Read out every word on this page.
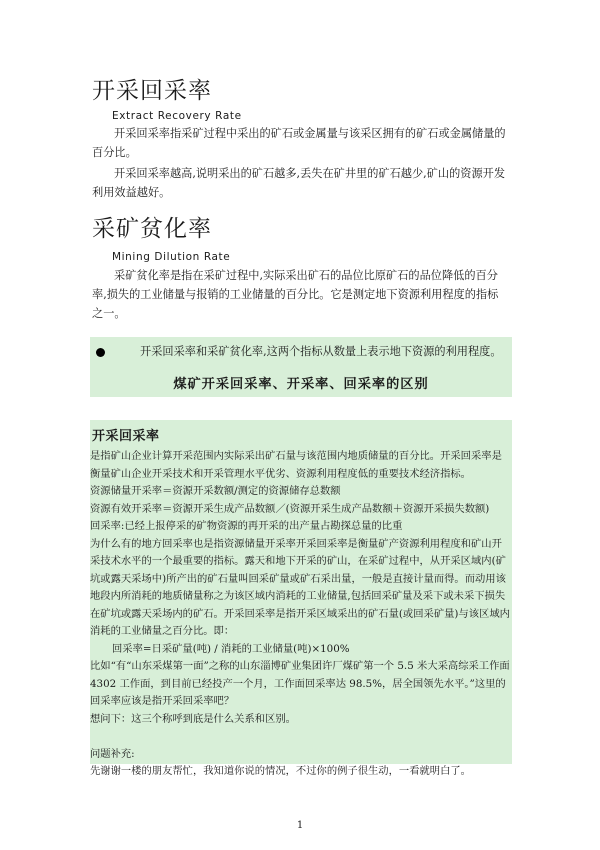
开采回采率
Extract Recovery Rate

开采回采率指采矿过程中采出的矿石或金属量与该采区拥有的矿石或金属储量的百分比。

开采回采率越高,说明采出的矿石越多,丢失在矿井里的矿石越少,矿山的资源开发利用效益越好。

采矿贫化率
Mining Dilution Rate

采矿贫化率是指在采矿过程中,实际采出矿石的品位比原矿石的品位降低的百分率,损失的工业储量与报销的工业储量的百分比。它是测定地下资源利用程度的指标之一。

开采回采率和采矿贫化率,这两个指标从数量上表示地下资源的利用程度。
煤矿开采回采率、开采率、回采率的区别
开采回采率

是指矿山企业计算开采范围内实际采出矿石量与该范围内地质储量的百分比。开采回采率是衡量矿山企业开采技术和开采管理水平优劣、资源利用程度低的重要技术经济指标。

资源储量开采率＝资源开采数额/测定的资源储存总数额

资源有效开采率＝资源开采生成产品数额／(资源开采生成产品数额＋资源开采损失数额)

回采率:已经上报停采的矿物资源的再开采的出产量占勘探总量的比重

为什么有的地方回采率也是指资源储量开采率开采回采率是衡量矿产资源利用程度和矿山开采技术水平的一个最重要的指标。露天和地下开采的矿山，在采矿过程中，从开采区域内(矿坑或露天采场中)所产出的矿石量叫回采矿量或矿石采出量，一般是直接计量而得。而动用该地段内所消耗的地质储量称之为该区域内消耗的工业储量,包括回采矿量及采下或未采下损失在矿坑或露天采场内的矿石。开采回采率是指开采区域采出的矿石量(或回采矿量)与该区域内消耗的工业储量之百分比。即：

回采率=日采矿量(吨) / 消耗的工业储量(吨)×100%

比如“有“山东采煤第一面”之称的山东淄博矿业集团许厂煤矿第一个 5.5 米大采高综采工作面 4302 工作面，到目前已经投产一个月，工作面回采率达 98.5%，居全国领先水平。”这里的回采率应该是指开采回采率吧？

想问下：这三个称呼到底是什么关系和区别。

问题补充:

先谢谢一楼的朋友帮忙，我知道你说的情况，不过你的例子很生动，一看就明白了。

1
